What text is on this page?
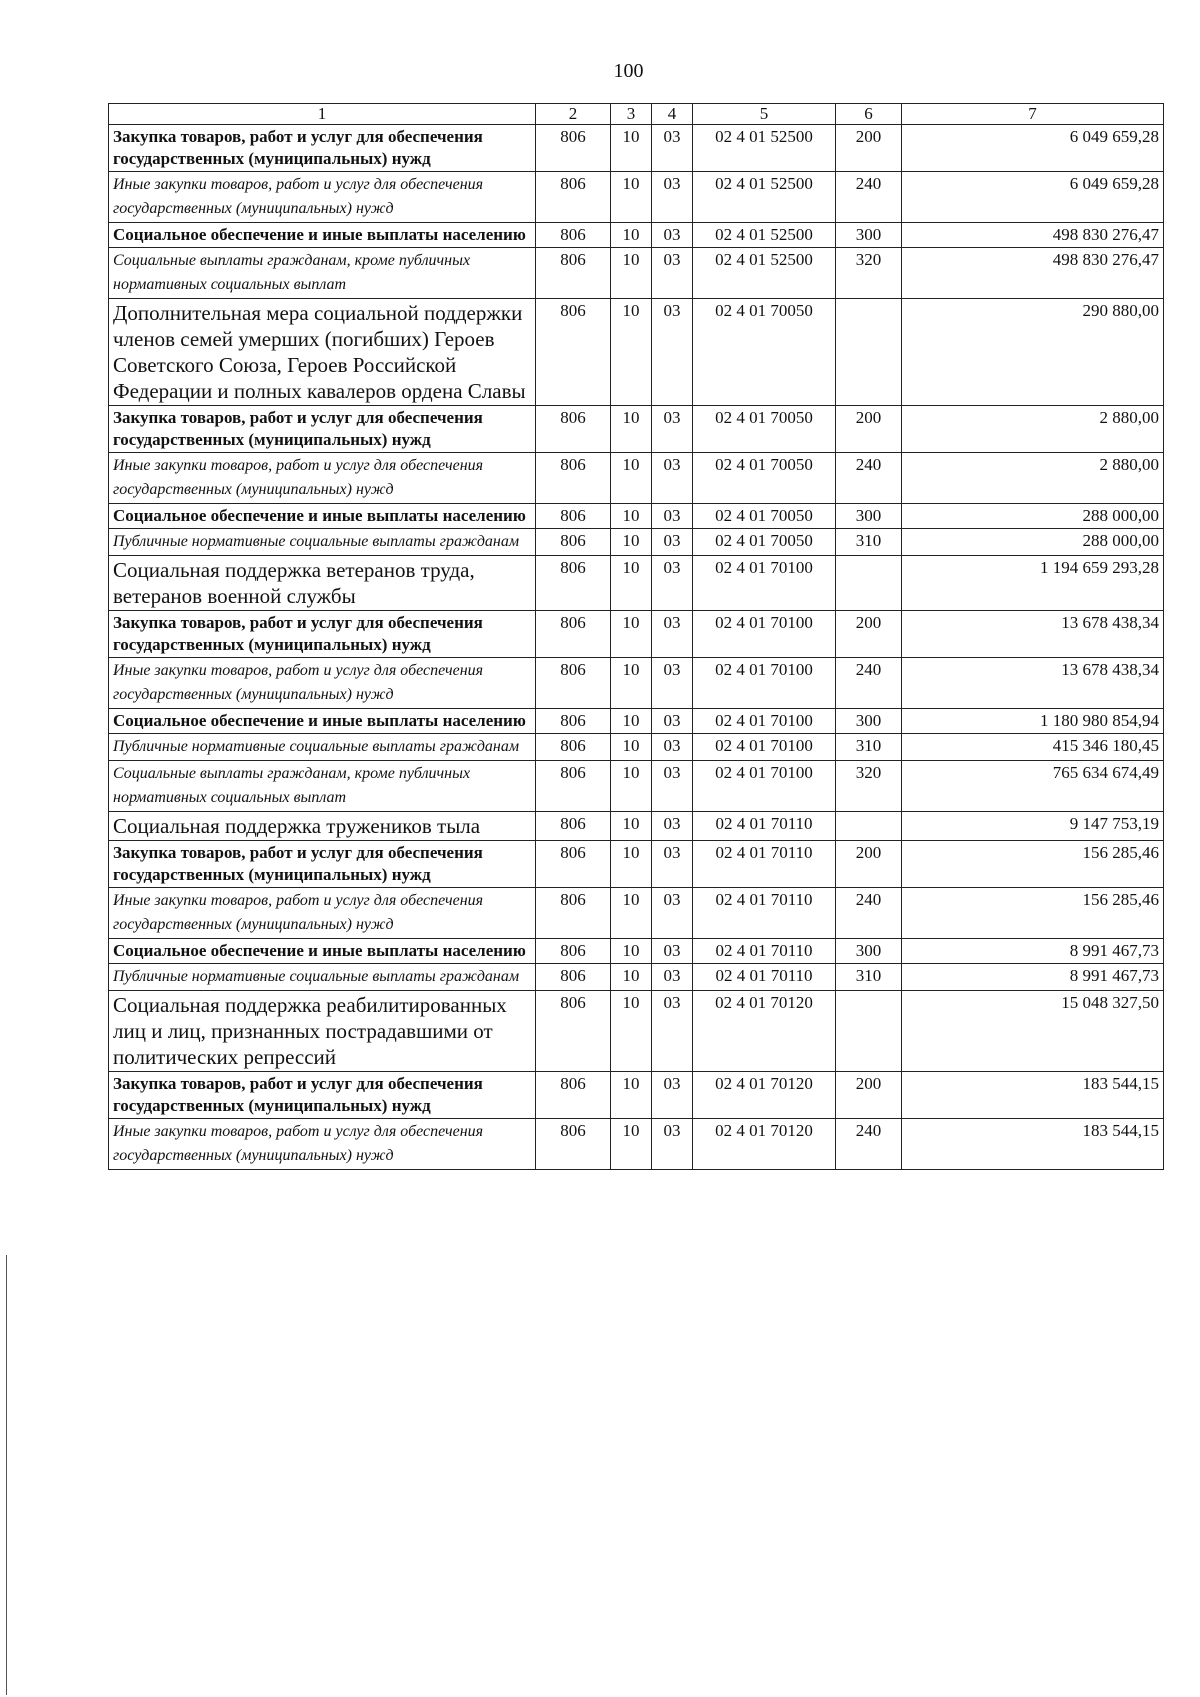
100
1	2	3	4	5	6	7
Закупка товаров, работ и услуг для обеспечения государственных (муниципальных) нужд	806	10	03	02 4 01 52500	200	6 049 659,28
Иные закупки товаров, работ и услуг для обеспечения государственных (муниципальных) нужд	806	10	03	02 4 01 52500	240	6 049 659,28
Социальное обеспечение и иные выплаты населению	806	10	03	02 4 01 52500	300	498 830 276,47
Социальные выплаты гражданам, кроме публичных нормативных социальных выплат	806	10	03	02 4 01 52500	320	498 830 276,47
Дополнительная мера социальной поддержки членов семей умерших (погибших) Героев Советского Союза, Героев Российской Федерации и полных кавалеров ордена Славы	806	10	03	02 4 01 70050		290 880,00
Закупка товаров, работ и услуг для обеспечения государственных (муниципальных) нужд	806	10	03	02 4 01 70050	200	2 880,00
Иные закупки товаров, работ и услуг для обеспечения государственных (муниципальных) нужд	806	10	03	02 4 01 70050	240	2 880,00
Социальное обеспечение и иные выплаты населению	806	10	03	02 4 01 70050	300	288 000,00
Публичные нормативные социальные выплаты гражданам	806	10	03	02 4 01 70050	310	288 000,00
Социальная поддержка ветеранов труда, ветеранов военной службы	806	10	03	02 4 01 70100		1 194 659 293,28
Закупка товаров, работ и услуг для обеспечения государственных (муниципальных) нужд	806	10	03	02 4 01 70100	200	13 678 438,34
Иные закупки товаров, работ и услуг для обеспечения государственных (муниципальных) нужд	806	10	03	02 4 01 70100	240	13 678 438,34
Социальное обеспечение и иные выплаты населению	806	10	03	02 4 01 70100	300	1 180 980 854,94
Публичные нормативные социальные выплаты гражданам	806	10	03	02 4 01 70100	310	415 346 180,45
Социальные выплаты гражданам, кроме публичных нормативных социальных выплат	806	10	03	02 4 01 70100	320	765 634 674,49
Социальная поддержка тружеников тыла	806	10	03	02 4 01 70110		9 147 753,19
Закупка товаров, работ и услуг для обеспечения государственных (муниципальных) нужд	806	10	03	02 4 01 70110	200	156 285,46
Иные закупки товаров, работ и услуг для обеспечения государственных (муниципальных) нужд	806	10	03	02 4 01 70110	240	156 285,46
Социальное обеспечение и иные выплаты населению	806	10	03	02 4 01 70110	300	8 991 467,73
Публичные нормативные социальные выплаты гражданам	806	10	03	02 4 01 70110	310	8 991 467,73
Социальная поддержка реабилитированных лиц и лиц, признанных пострадавшими от политических репрессий	806	10	03	02 4 01 70120		15 048 327,50
Закупка товаров, работ и услуг для обеспечения государственных (муниципальных) нужд	806	10	03	02 4 01 70120	200	183 544,15
Иные закупки товаров, работ и услуг для обеспечения государственных (муниципальных) нужд	806	10	03	02 4 01 70120	240	183 544,15
